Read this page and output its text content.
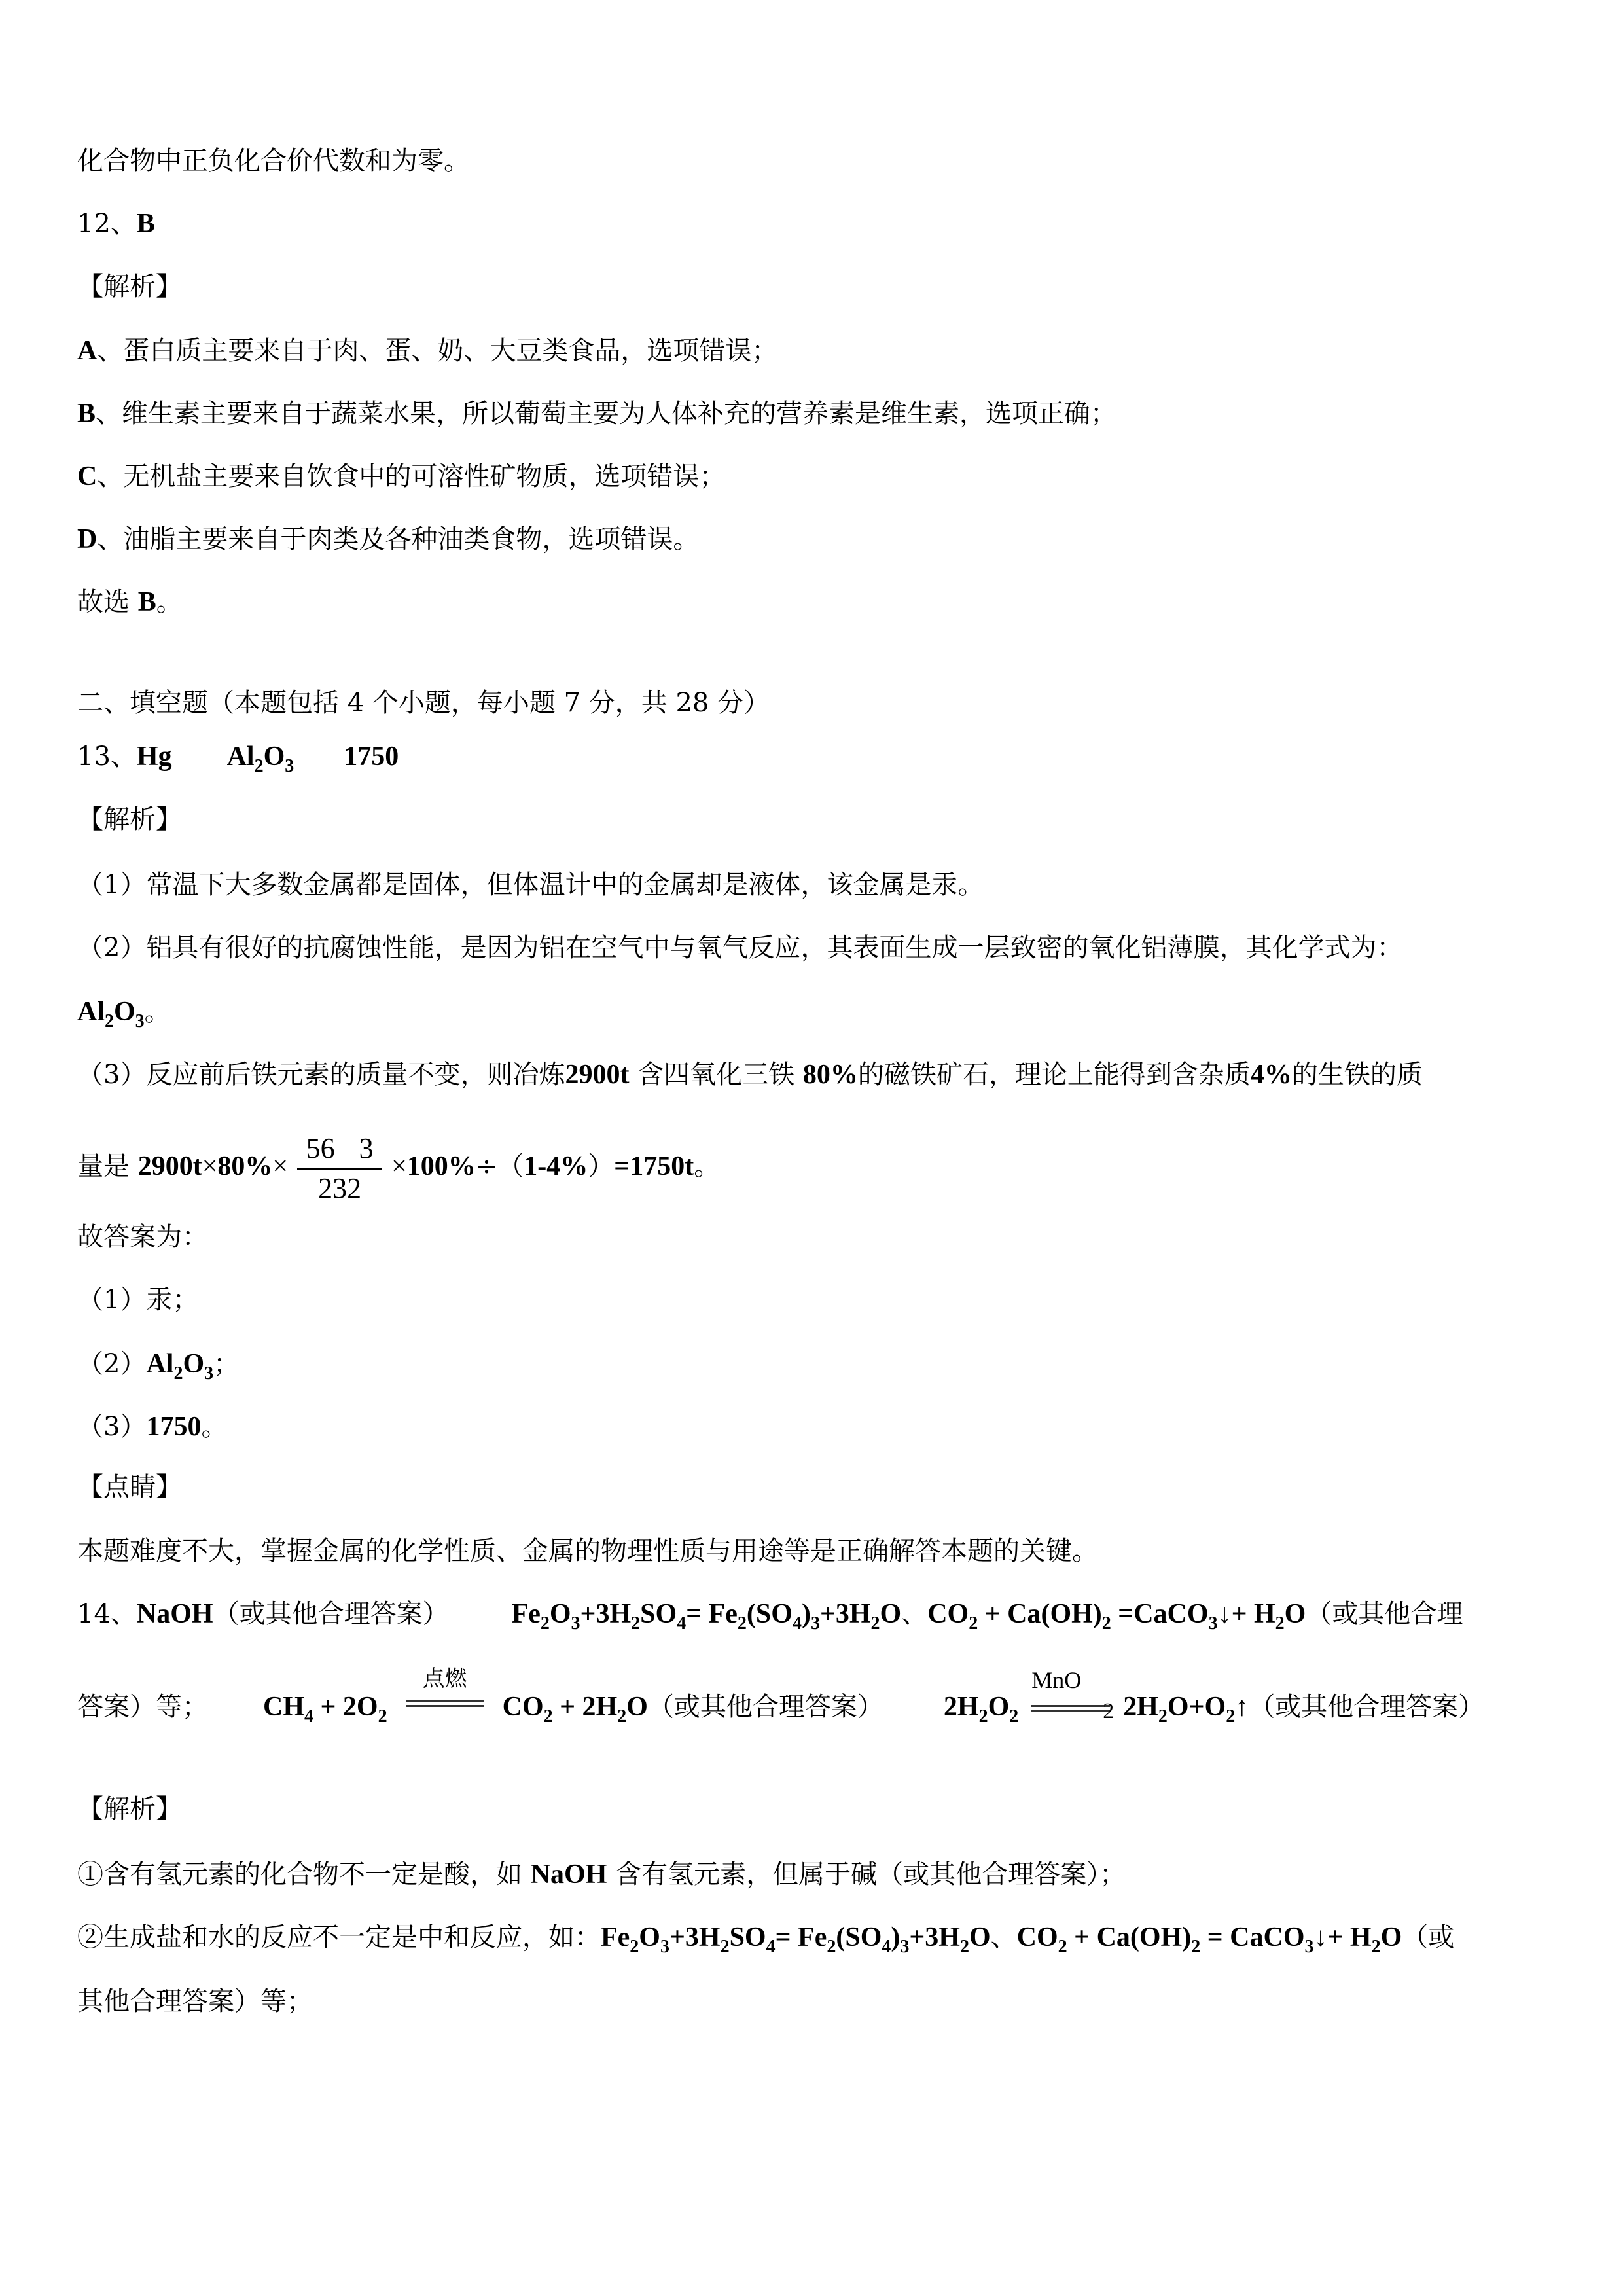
化合物中正负化合价代数和为零。
12、B
【解析】
A、蛋白质主要来自于肉、蛋、奶、大豆类食品，选项错误；
B、维生素主要来自于蔬菜水果，所以葡萄主要为人体补充的营养素是维生素，选项正确；
C、无机盐主要来自饮食中的可溶性矿物质，选项错误；
D、油脂主要来自于肉类及各种油类食物，选项错误。
故选 B。
二、填空题（本题包括 4 个小题，每小题 7 分，共 28 分）
13、Hg $Al_2O_3$ 1750
【解析】
（1）常温下大多数金属都是固体，但体温计中的金属却是液体，该金属是汞。
（2）铝具有很好的抗腐蚀性能，是因为铝在空气中与氧气反应，其表面生成一层致密的氧化铝薄膜，其化学式为：
$Al_2O_3$。
（3）反应前后铁元素的质量不变，则冶炼2900t 含四氧化三铁 80%的磁铁矿石，理论上能得到含杂质4%的生铁的质
量是 $2900t\times 80\%\times \frac{56 3}{232} \times 100\%\div(1-4\%)=1750t$。
故答案为：
（1）汞；
$(2)Al_2O_3$；
（3）1750。
【点睛】
本题难度不大，掌握金属的化学性质、金属的物理性质与用途等是正确解答本题的关键。
14、NaOH（或其他合理答案） $Fe_2O_3+3H_2SO_4= Fe_2(SO_4)_3+3H_2O$、$CO_2 + Ca(OH)_2$ =CaCO$_3$↓+ $H_2O$（或其他合理
答案）等； $CH_4 + 2O_2$
点燃
$CO_2 + 2H_2O$（或其他合理答案） $2H_2O_2$
MnO
2 $2H_2O+O_2↑$（或其他合理答案）
【解析】
①含有氢元素的化合物不一定是酸，如 NaOH 含有氢元素，但属于碱（或其他合理答案）；
②生成盐和水的反应不一定是中和反应，如：$Fe_2O_3+3H_2SO_4= Fe_2(SO_4)_3+3H_2O$、$CO_2 + Ca(OH)_2$ = CaCO$_3$↓+ $H_2O$（或
其他合理答案）等；
